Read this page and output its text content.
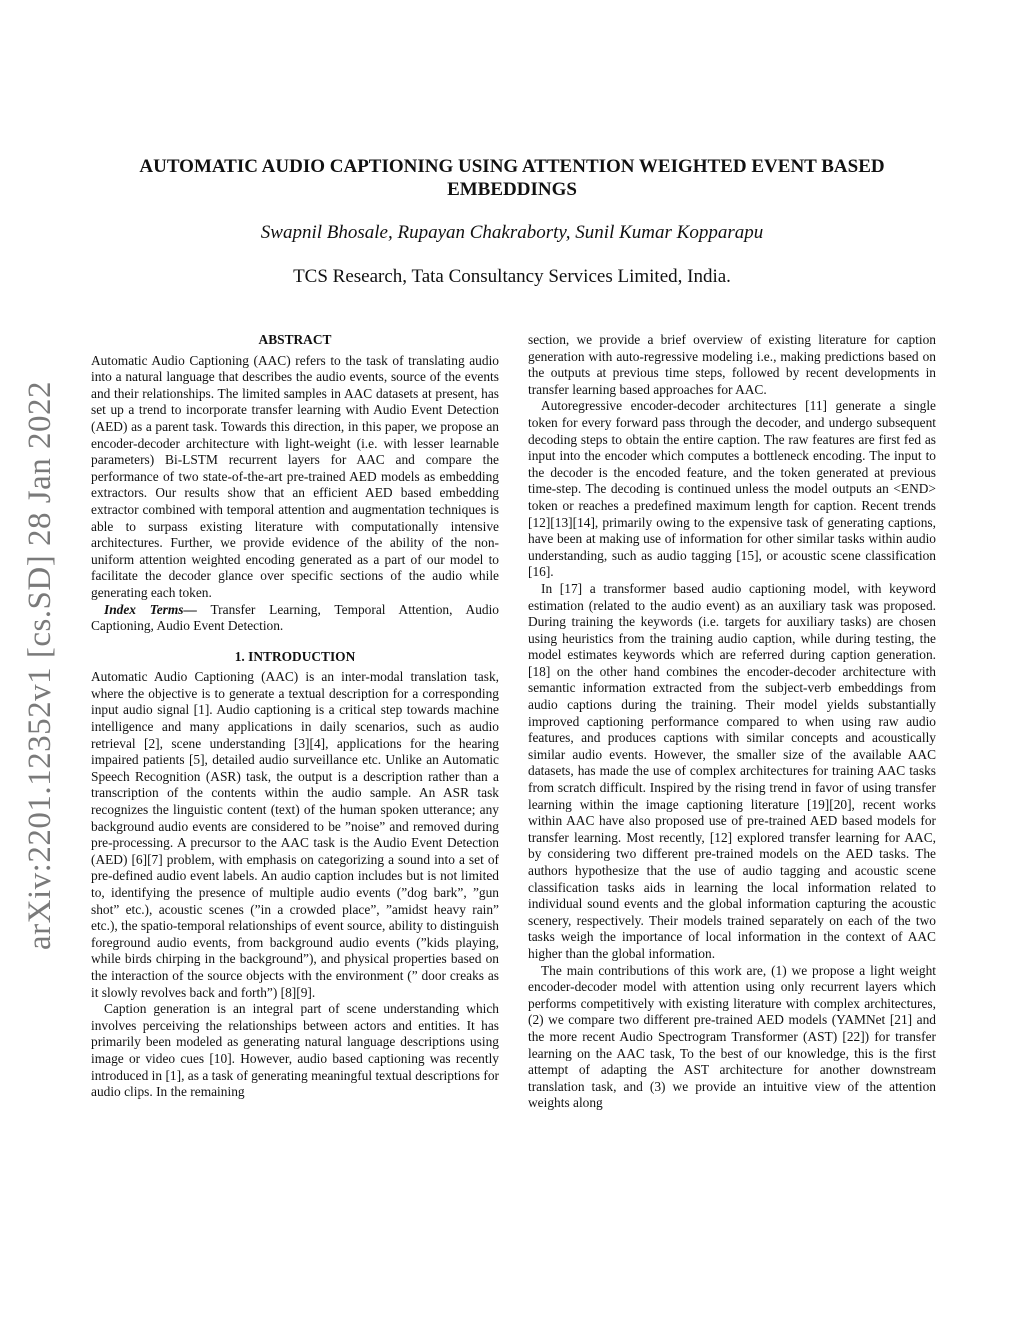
arXiv:2201.12352v1 [cs.SD] 28 Jan 2022
AUTOMATIC AUDIO CAPTIONING USING ATTENTION WEIGHTED EVENT BASED EMBEDDINGS
Swapnil Bhosale, Rupayan Chakraborty, Sunil Kumar Kopparapu
TCS Research, Tata Consultancy Services Limited, India.
ABSTRACT

Automatic Audio Captioning (AAC) refers to the task of translating audio into a natural language that describes the audio events, source of the events and their relationships. The limited samples in AAC datasets at present, has set up a trend to incorporate transfer learning with Audio Event Detection (AED) as a parent task. Towards this direction, in this paper, we propose an encoder-decoder architecture with light-weight (i.e. with lesser learnable parameters) Bi-LSTM recurrent layers for AAC and compare the performance of two state-of-the-art pre-trained AED models as embedding extractors. Our results show that an efficient AED based embedding extractor combined with temporal attention and augmentation techniques is able to surpass existing literature with computationally intensive architectures. Further, we provide evidence of the ability of the non-uniform attention weighted encoding generated as a part of our model to facilitate the decoder glance over specific sections of the audio while generating each token.

Index Terms— Transfer Learning, Temporal Attention, Audio Captioning, Audio Event Detection.

1. INTRODUCTION

Automatic Audio Captioning (AAC) is an inter-modal translation task, where the objective is to generate a textual description for a corresponding input audio signal [1]. Audio captioning is a critical step towards machine intelligence and many applications in daily scenarios, such as audio retrieval [2], scene understanding [3][4], applications for the hearing impaired patients [5], detailed audio surveillance etc. Unlike an Automatic Speech Recognition (ASR) task, the output is a description rather than a transcription of the contents within the audio sample. An ASR task recognizes the linguistic content (text) of the human spoken utterance; any background audio events are considered to be ”noise” and removed during pre-processing. A precursor to the AAC task is the Audio Event Detection (AED) [6][7] problem, with emphasis on categorizing a sound into a set of pre-defined audio event labels. An audio caption includes but is not limited to, identifying the presence of multiple audio events (”dog bark”, ”gun shot” etc.), acoustic scenes (”in a crowded place”, ”amidst heavy rain” etc.), the spatio-temporal relationships of event source, ability to distinguish foreground audio events, from background audio events (”kids playing, while birds chirping in the background”), and physical properties based on the interaction of the source objects with the environment (” door creaks as it slowly revolves back and forth”) [8][9].

Caption generation is an integral part of scene understanding which involves perceiving the relationships between actors and entities. It has primarily been modeled as generating natural language descriptions using image or video cues [10]. However, audio based captioning was recently introduced in [1], as a task of generating meaningful textual descriptions for audio clips. In the remaining

section, we provide a brief overview of existing literature for caption generation with auto-regressive modeling i.e., making predictions based on the outputs at previous time steps, followed by recent developments in transfer learning based approaches for AAC.

Autoregressive encoder-decoder architectures [11] generate a single token for every forward pass through the decoder, and undergo subsequent decoding steps to obtain the entire caption. The raw features are first fed as input into the encoder which computes a bottleneck encoding. The input to the decoder is the encoded feature, and the token generated at previous time-step. The decoding is continued unless the model outputs an <END> token or reaches a predefined maximum length for caption. Recent trends [12][13][14], primarily owing to the expensive task of generating captions, have been at making use of information for other similar tasks within audio understanding, such as audio tagging [15], or acoustic scene classification [16].

In [17] a transformer based audio captioning model, with keyword estimation (related to the audio event) as an auxiliary task was proposed. During training the keywords (i.e. targets for auxiliary tasks) are chosen using heuristics from the training audio caption, while during testing, the model estimates keywords which are referred during caption generation. [18] on the other hand combines the encoder-decoder architecture with semantic information extracted from the subject-verb embeddings from audio captions during the training. Their model yields substantially improved captioning performance compared to when using raw audio features, and produces captions with similar concepts and acoustically similar audio events. However, the smaller size of the available AAC datasets, has made the use of complex architectures for training AAC tasks from scratch difficult. Inspired by the rising trend in favor of using transfer learning within the image captioning literature [19][20], recent works within AAC have also proposed use of pre-trained AED based models for transfer learning. Most recently, [12] explored transfer learning for AAC, by considering two different pre-trained models on the AED tasks. The authors hypothesize that the use of audio tagging and acoustic scene classification tasks aids in learning the local information related to individual sound events and the global information capturing the acoustic scenery, respectively. Their models trained separately on each of the two tasks weigh the importance of local information in the context of AAC higher than the global information.

The main contributions of this work are, (1) we propose a light weight encoder-decoder model with attention using only recurrent layers which performs competitively with existing literature with complex architectures, (2) we compare two different pre-trained AED models (YAMNet [21] and the more recent Audio Spectrogram Transformer (AST) [22]) for transfer learning on the AAC task, To the best of our knowledge, this is the first attempt of adapting the AST architecture for another downstream translation task, and (3) we provide an intuitive view of the attention weights along
